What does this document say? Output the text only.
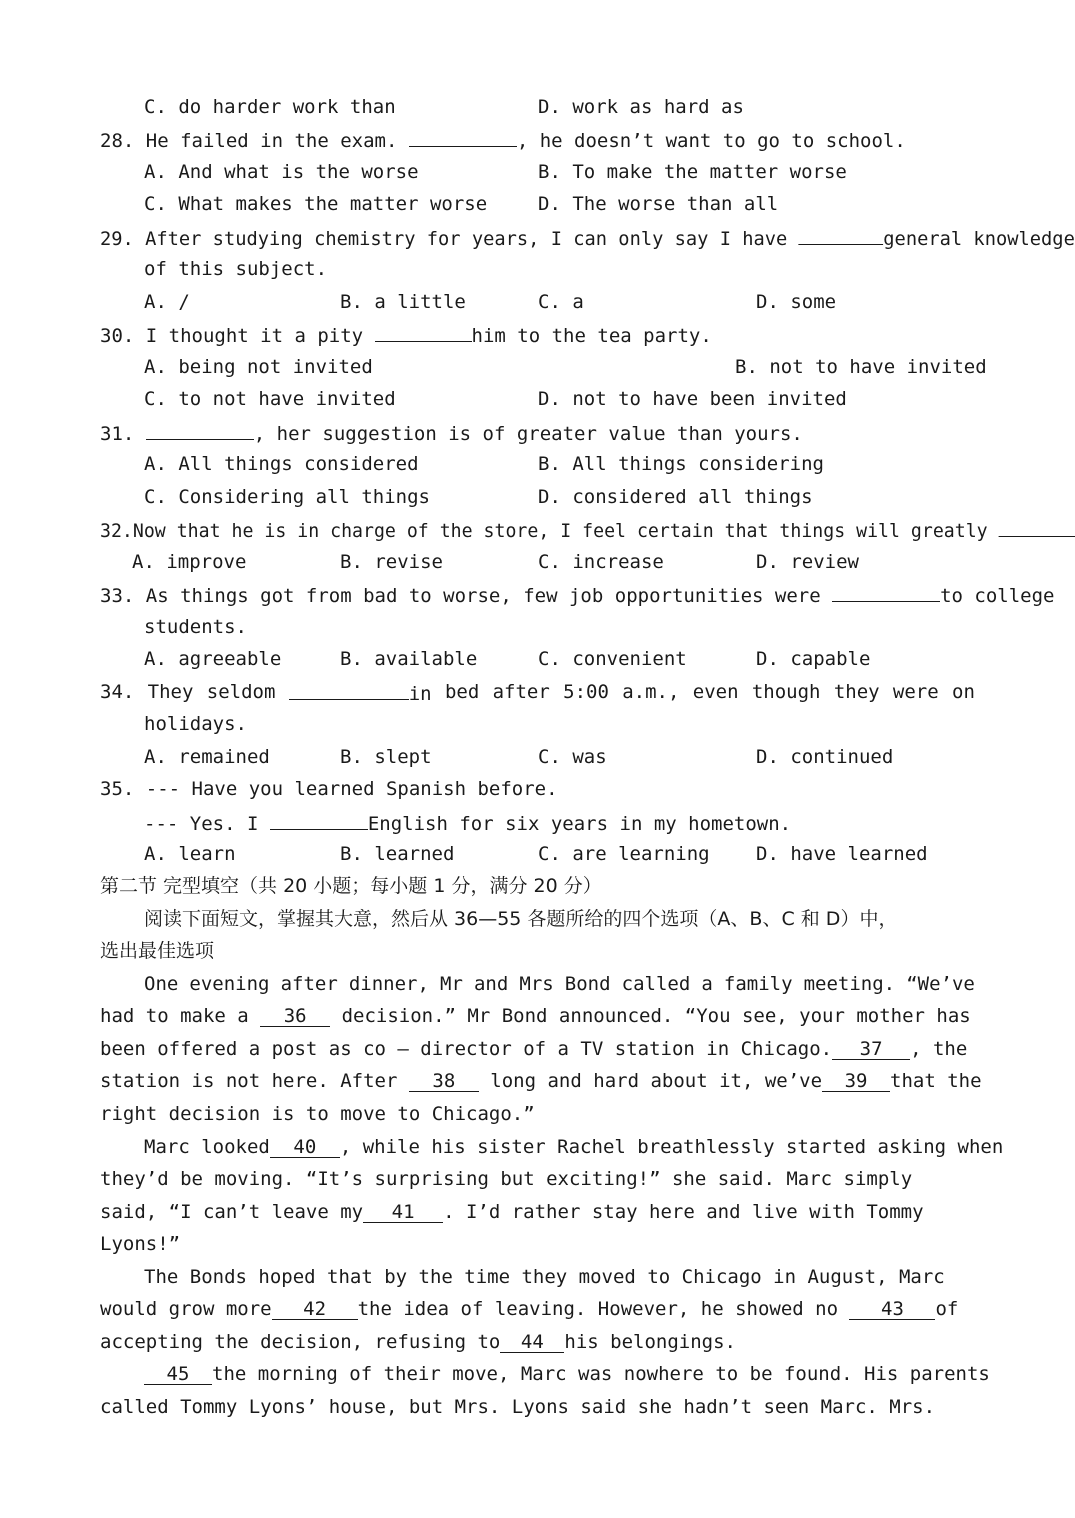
C. do harder work than	D. work as hard as
28. He failed in the exam.	, he doesn’t want to go to school.
A. And what is the worse	B. To make the matter worse
C. What makes the matter worse	D. The worse than all
29. After studying chemistry for years, I can only say I have	general knowledge
of this subject.
A. /	B. a little	C. a	D. some
30. I thought it a pity	him to the tea party.
A. being not invited	B. not to have invited
C. to not have invited	D. not to have been invited
31.	, her suggestion is of greater value than yours.
A. All things considered	B. All things considering
C. Considering all things	D. considered all things
32.Now that he is in charge of the store, I feel certain that things will greatly
A. improve	B. revise	C. increase	D. review
33. As things got from bad to worse, few job opportunities were	to college
students.
A. agreeable	B. available	C. convenient	D. capable
34. They seldom	in bed after 5:00 a.m., even though they were on
holidays.
A. remained	B. slept	C. was	D. continued
35. --- Have you learned Spanish before.
--- Yes. I	English for six years in my hometown.
A. learn	B. learned	C. are learning D. have learned
第二节 完型填空（共 20 小题；每小题 1 分，满分 20 分）
阅读下面短文，掌握其大意，然后从 36—55 各题所给的四个选项（A、B、C 和 D）中，
选出最佳选项
One evening after dinner, Mr and Mrs Bond called a family meeting. “We’ve
had to make a 36 decision.” Mr Bond announced. “You see, your mother has
been offered a post as co – director of a TV station in Chicago. 37 , the
station is not here. After 38 long and hard about it, we’ve 39 that the
right decision is to move to Chicago.”
Marc looked 40 , while his sister Rachel breathlessly started asking when
they’d be moving. “It’s surprising but exciting!” she said. Marc simply
said, “I can’t leave my 41 . I’d rather stay here and live with Tommy
Lyons!”
The Bonds hoped that by the time they moved to Chicago in August, Marc
would grow more 42 the idea of leaving. However, he showed no 43 of
accepting the decision, refusing to 44 his belongings.
45 the morning of their move, Marc was nowhere to be found. His parents
called Tommy Lyons’ house, but Mrs. Lyons said she hadn’t seen Marc. Mrs.
